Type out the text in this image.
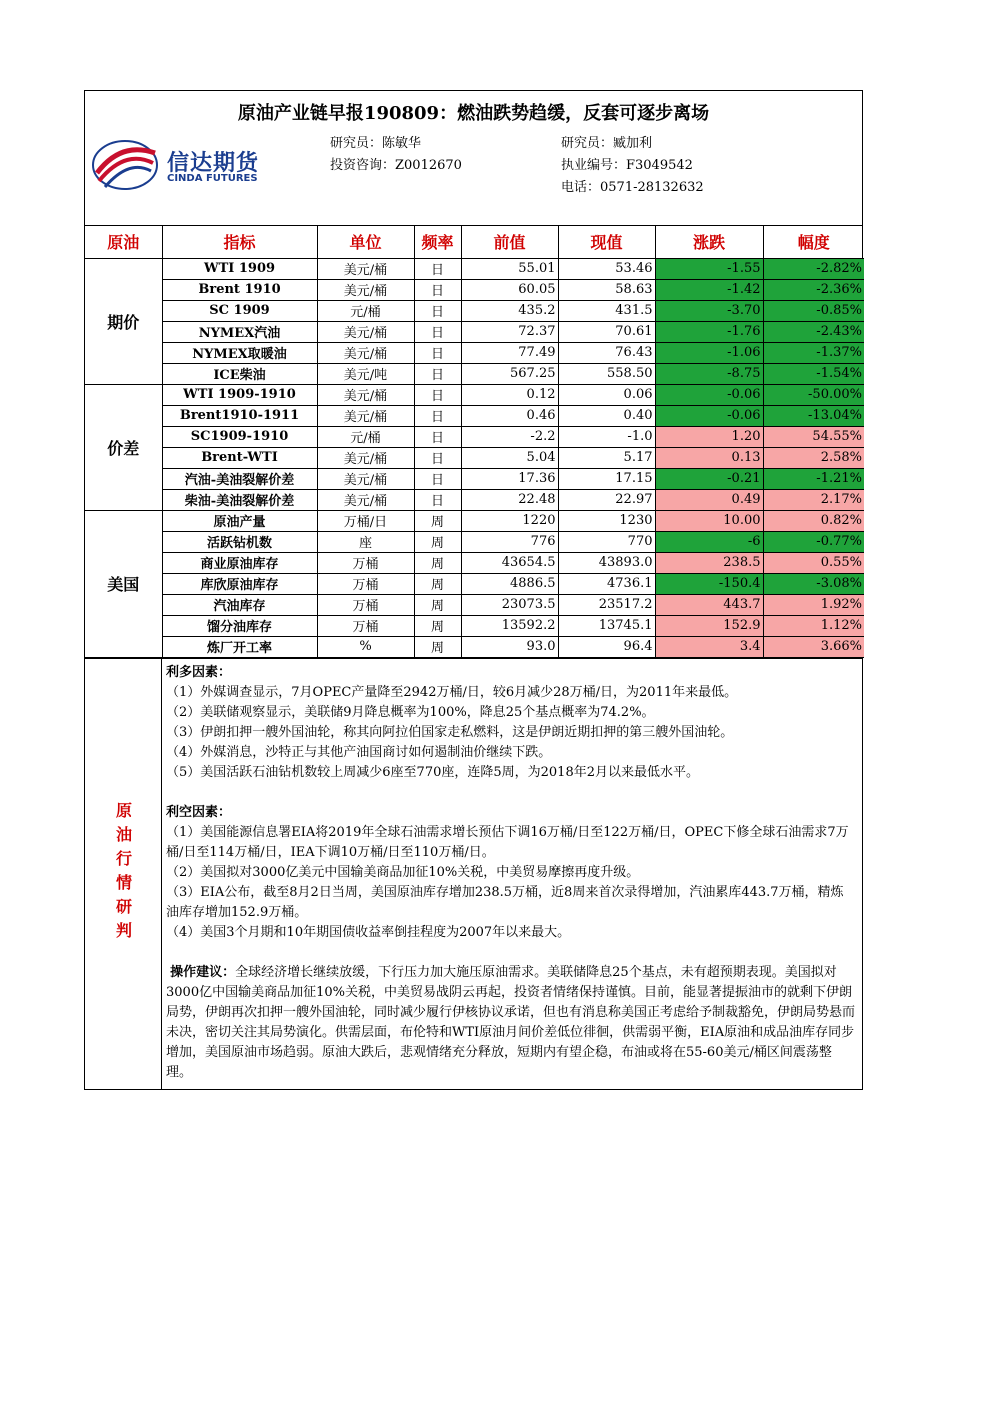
原油产业链早报190809：燃油跌势趋缓，反套可逐步离场
信达期货
CINDA FUTURES
研究员：陈敏华
投资咨询：Z0012670
研究员：臧加利
执业编号：F3049542
电话：0571-28132632
原油	指标	单位	频率	前值	现值	涨跌	幅度
期价	WTI 1909	美元/桶	日	55.01	53.46	-1.55	-2.82%
	Brent 1910	美元/桶	日	60.05	58.63	-1.42	-2.36%
	SC 1909	元/桶	日	435.2	431.5	-3.70	-0.85%
	NYMEX汽油	美元/桶	日	72.37	70.61	-1.76	-2.43%
	NYMEX取暖油	美元/桶	日	77.49	76.43	-1.06	-1.37%
	ICE柴油	美元/吨	日	567.25	558.50	-8.75	-1.54%
价差	WTI 1909-1910	美元/桶	日	0.12	0.06	-0.06	-50.00%
	Brent1910-1911	美元/桶	日	0.46	0.40	-0.06	-13.04%
	SC1909-1910	元/桶	日	-2.2	-1.0	1.20	54.55%
	Brent-WTI	美元/桶	日	5.04	5.17	0.13	2.58%
	汽油-美油裂解价差	美元/桶	日	17.36	17.15	-0.21	-1.21%
	柴油-美油裂解价差	美元/桶	日	22.48	22.97	0.49	2.17%
美国	原油产量	万桶/日	周	1220	1230	10.00	0.82%
	活跃钻机数	座	周	776	770	-6	-0.77%
	商业原油库存	万桶	周	43654.5	43893.0	238.5	0.55%
	库欣原油库存	万桶	周	4886.5	4736.1	-150.4	-3.08%
	汽油库存	万桶	周	23073.5	23517.2	443.7	1.92%
	馏分油库存	万桶	周	13592.2	13745.1	152.9	1.12%
	炼厂开工率	%	周	93.0	96.4	3.4	3.66%
原油行情研判

利多因素：

（1）外媒调查显示，7月OPEC产量降至2942万桶/日，较6月减少28万桶/日，为2011年来最低。

（2）美联储观察显示，美联储9月降息概率为100%，降息25个基点概率为74.2%。

（3）伊朗扣押一艘外国油轮，称其向阿拉伯国家走私燃料，这是伊朗近期扣押的第三艘外国油轮。

（4）外媒消息，沙特正与其他产油国商讨如何遏制油价继续下跌。

（5）美国活跃石油钻机数较上周减少6座至770座，连降5周，为2018年2月以来最低水平。

利空因素：

（1）美国能源信息署EIA将2019年全球石油需求增长预估下调16万桶/日至122万桶/日，OPEC下修全球石油需求7万桶/日至114万桶/日，IEA下调10万桶/日至110万桶/日。

（2）美国拟对3000亿美元中国输美商品加征10%关税，中美贸易摩擦再度升级。

（3）EIA公布，截至8月2日当周，美国原油库存增加238.5万桶，近8周来首次录得增加，汽油累库443.7万桶，精炼油库存增加152.9万桶。

（4）美国3个月期和10年期国债收益率倒挂程度为2007年以来最大。

操作建议：全球经济增长继续放缓，下行压力加大施压原油需求。美联储降息25个基点，未有超预期表现。美国拟对3000亿中国输美商品加征10%关税，中美贸易战阴云再起，投资者情绪保持谨慎。目前，能显著提振油市的就剩下伊朗局势，伊朗再次扣押一艘外国油轮，同时减少履行伊核协议承诺，但也有消息称美国正考虑给予制裁豁免，伊朗局势悬而未决，密切关注其局势演化。供需层面，布伦特和WTI原油月间价差低位徘徊，供需弱平衡，EIA原油和成品油库存同步增加，美国原油市场趋弱。原油大跌后，悲观情绪充分释放，短期内有望企稳，布油或将在55-60美元/桶区间震荡整理。
